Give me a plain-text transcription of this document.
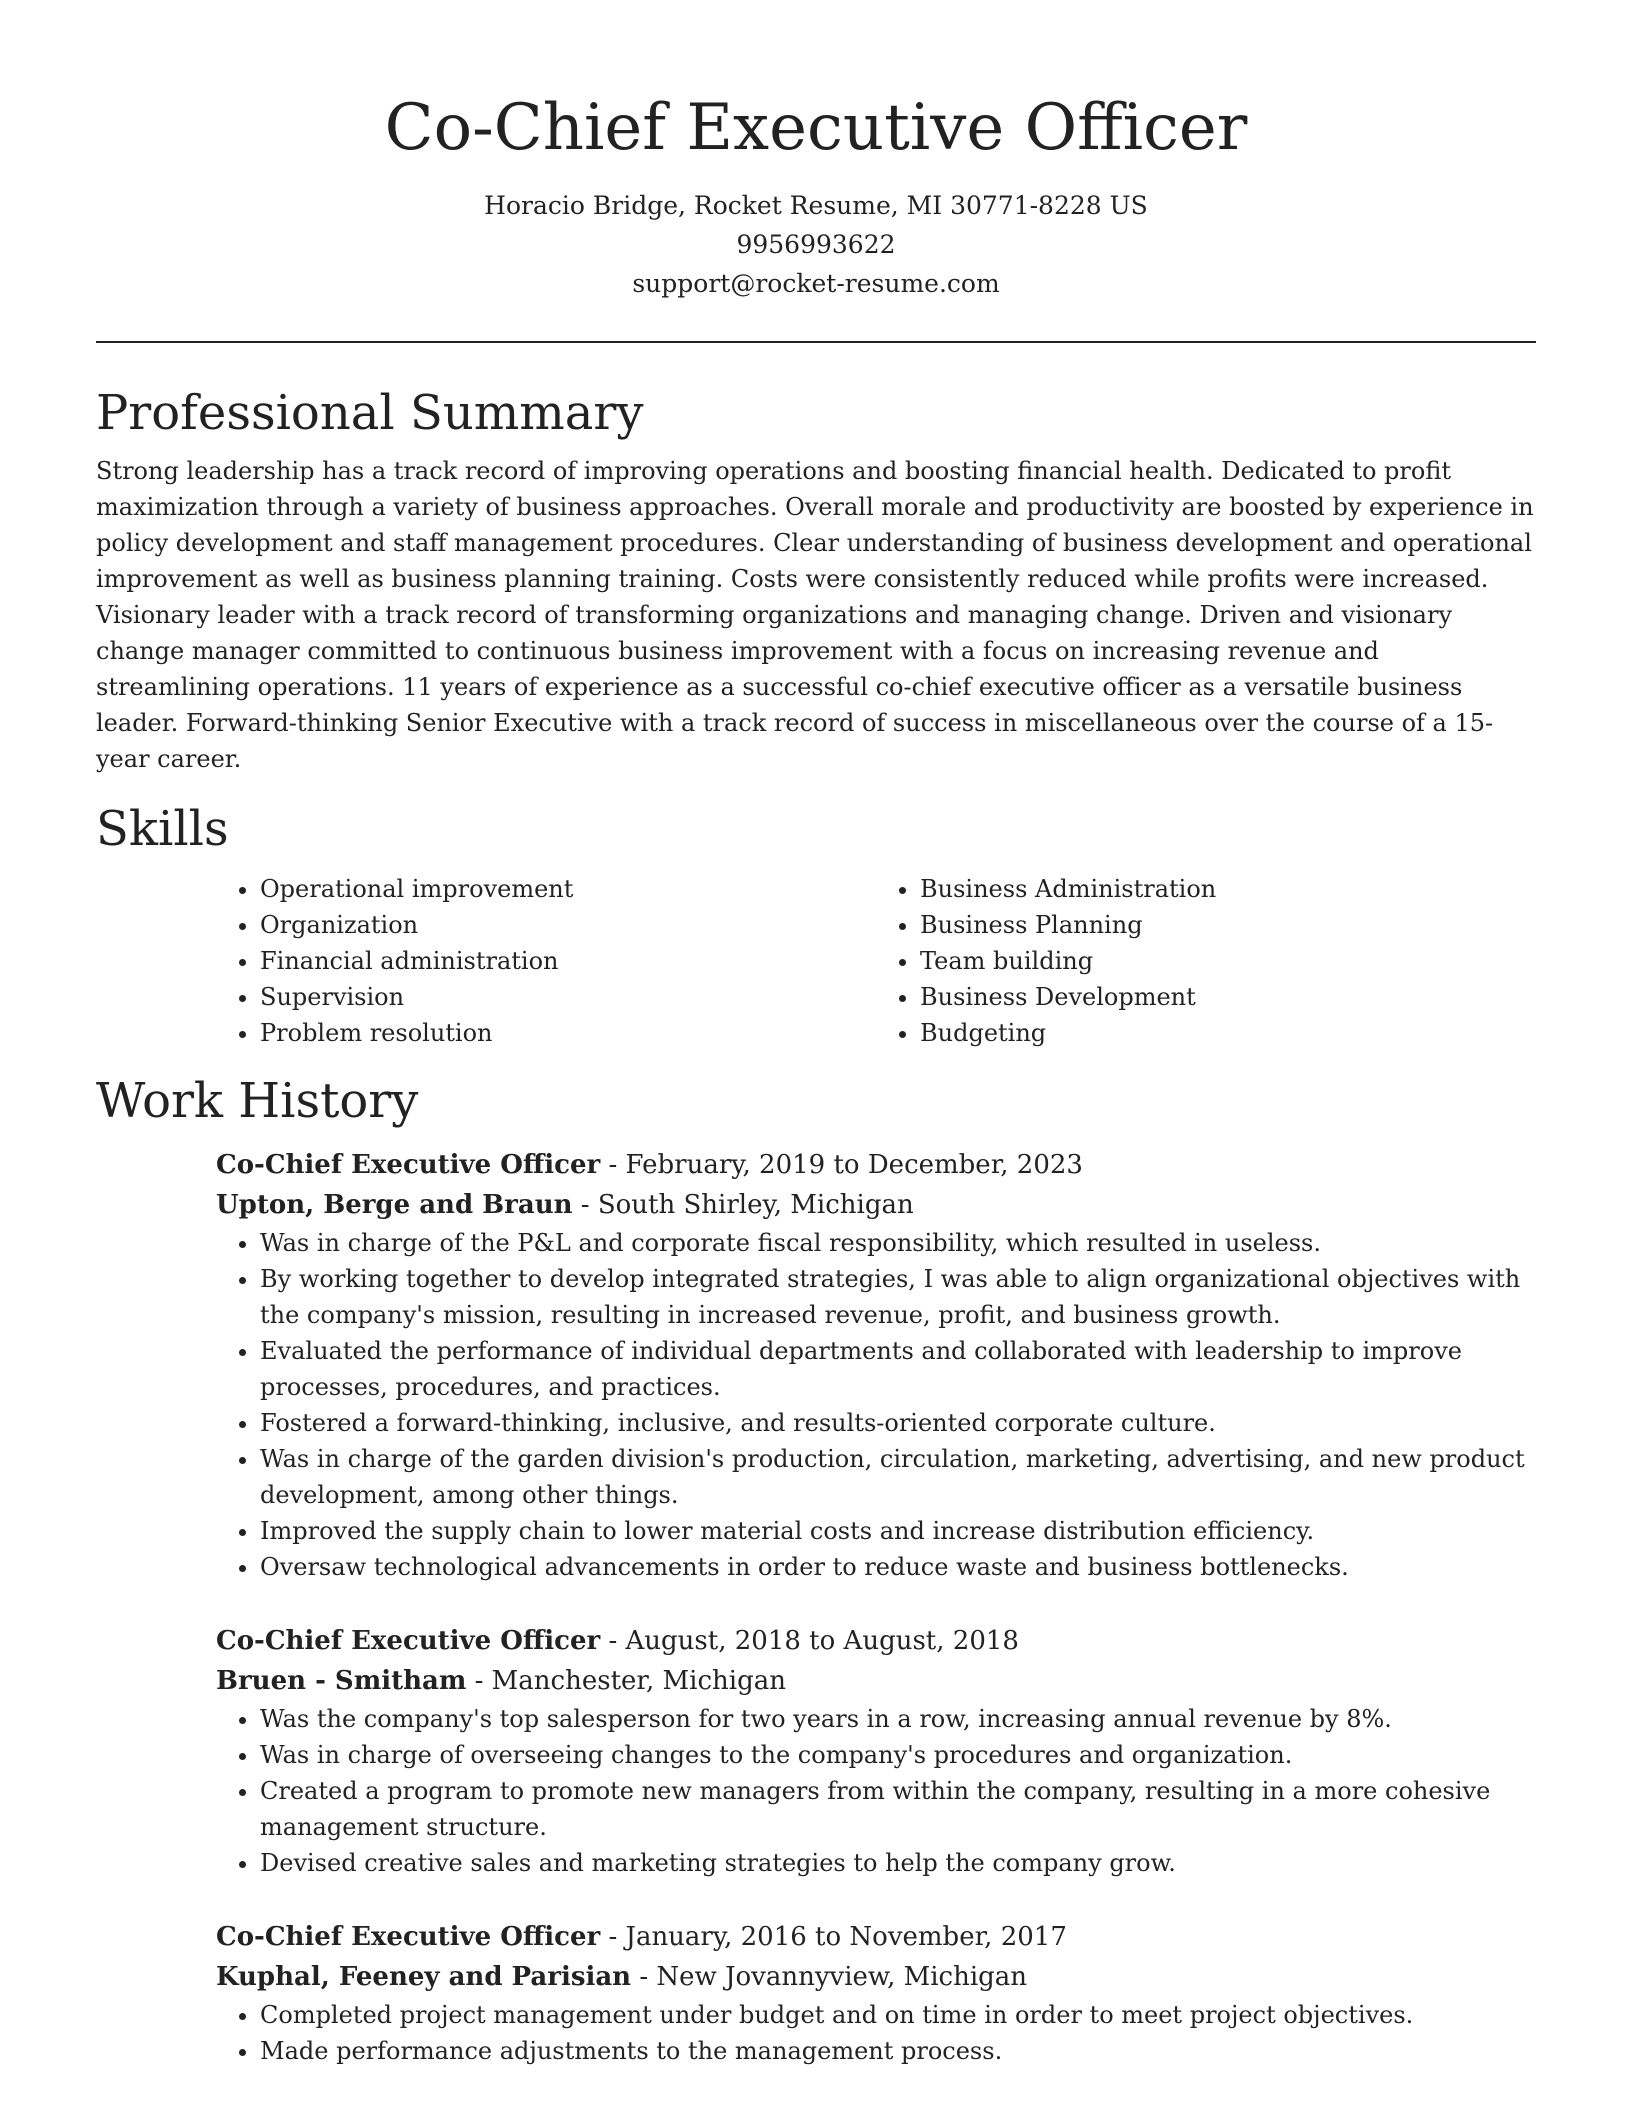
Co-Chief Executive Officer
Horacio Bridge, Rocket Resume, MI 30771-8228 US
9956993622
support@rocket-resume.com
Professional Summary

Strong leadership has a track record of improving operations and boosting financial health. Dedicated to profit maximization through a variety of business approaches. Overall morale and productivity are boosted by experience in policy development and staff management procedures. Clear understanding of business development and operational improvement as well as business planning training. Costs were consistently reduced while profits were increased. Visionary leader with a track record of transforming organizations and managing change. Driven and visionary change manager committed to continuous business improvement with a focus on increasing revenue and streamlining operations. 11 years of experience as a successful co-chief executive officer as a versatile business leader. Forward-thinking Senior Executive with a track record of success in miscellaneous over the course of a 15-year career.

Skills
• Operational improvement
• Organization
• Financial administration
• Supervision
• Problem resolution
• Business Administration
• Business Planning
• Team building
• Business Development
• Budgeting
Work History
Co-Chief Executive Officer - February, 2019 to December, 2023
Upton, Berge and Braun - South Shirley, Michigan
• Was in charge of the P&L and corporate fiscal responsibility, which resulted in useless.
• By working together to develop integrated strategies, I was able to align organizational objectives with the company's mission, resulting in increased revenue, profit, and business growth.
• Evaluated the performance of individual departments and collaborated with leadership to improve processes, procedures, and practices.
• Fostered a forward-thinking, inclusive, and results-oriented corporate culture.
• Was in charge of the garden division's production, circulation, marketing, advertising, and new product development, among other things.
• Improved the supply chain to lower material costs and increase distribution efficiency.
• Oversaw technological advancements in order to reduce waste and business bottlenecks.
Co-Chief Executive Officer - August, 2018 to August, 2018
Bruen - Smitham - Manchester, Michigan
• Was the company's top salesperson for two years in a row, increasing annual revenue by 8%.
• Was in charge of overseeing changes to the company's procedures and organization.
• Created a program to promote new managers from within the company, resulting in a more cohesive management structure.
• Devised creative sales and marketing strategies to help the company grow.
Co-Chief Executive Officer - January, 2016 to November, 2017
Kuphal, Feeney and Parisian - New Jovannyview, Michigan
• Completed project management under budget and on time in order to meet project objectives.
• Made performance adjustments to the management process.
